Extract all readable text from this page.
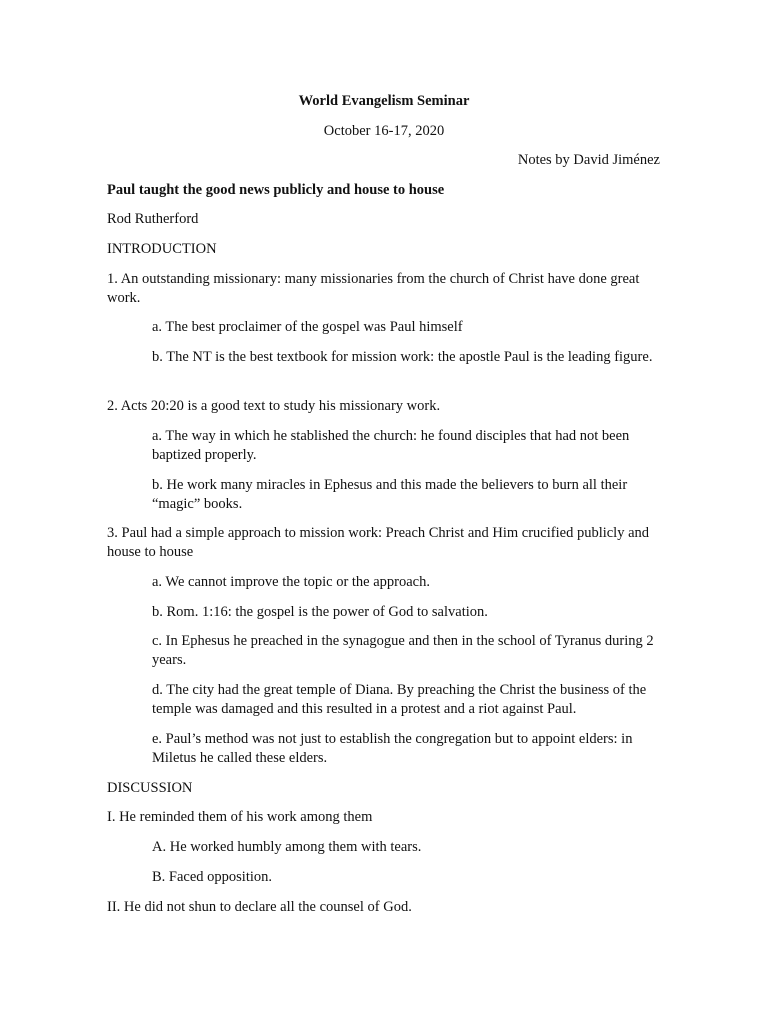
World Evangelism Seminar
October 16-17, 2020
Notes by David Jiménez
Paul taught the good news publicly and house to house
Rod Rutherford
INTRODUCTION
1. An outstanding missionary: many missionaries from the church of Christ have done great work.
a. The best proclaimer of the gospel was Paul himself
b. The NT is the best textbook for mission work: the apostle Paul is the leading figure.
2. Acts 20:20 is a good text to study his missionary work.
a. The way in which he stablished the church: he found disciples that had not been baptized properly.
b. He work many miracles in Ephesus and this made the believers to burn all their “magic” books.
3. Paul had a simple approach to mission work: Preach Christ and Him crucified publicly and house to house
a. We cannot improve the topic or the approach.
b. Rom. 1:16: the gospel is the power of God to salvation.
c. In Ephesus he preached in the synagogue and then in the school of Tyranus during 2 years.
d. The city had the great temple of Diana. By preaching the Christ the business of the temple was damaged and this resulted in a protest and a riot against Paul.
e. Paul’s method was not just to establish the congregation but to appoint elders: in Miletus he called these elders.
DISCUSSION
I. He reminded them of his work among them
A. He worked humbly among them with tears.
B. Faced opposition.
II. He did not shun to declare all the counsel of God.
